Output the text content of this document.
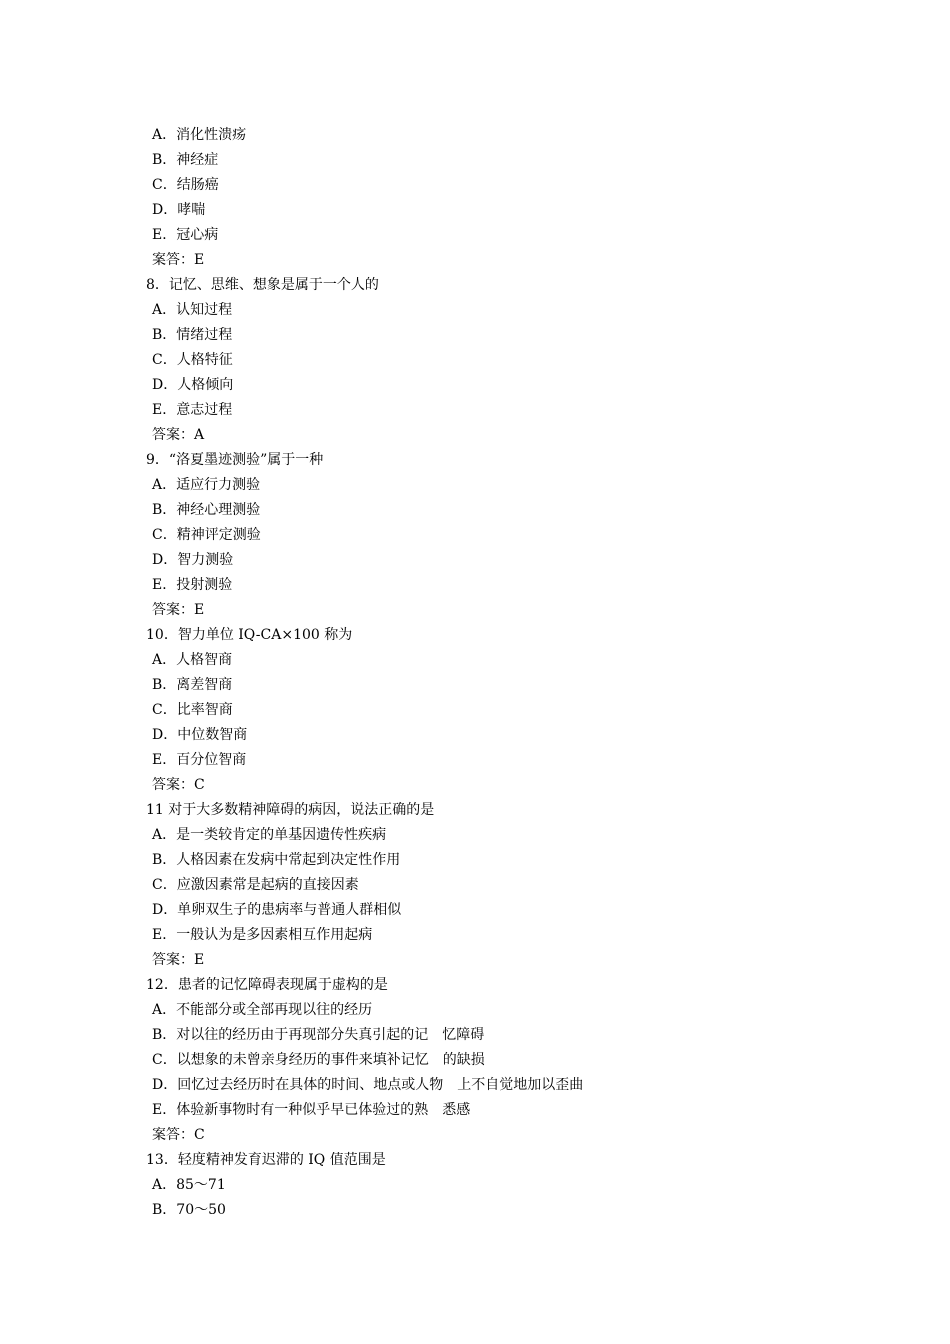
A．消化性溃疡
B．神经症
C．结肠癌
D．哮喘
E．冠心病
案答：E
8．记忆、思维、想象是属于一个人的
A．认知过程
B．情绪过程
C．人格特征
D．人格倾向
E．意志过程
答案：A
9．“洛夏墨迹测验”属于一种
A．适应行力测验
B．神经心理测验
C．精神评定测验
D．智力测验
E．投射测验
答案：E
10．智力单位 IQ-CA×100 称为
A．人格智商
B．离差智商
C．比率智商
D．中位数智商
E．百分位智商
答案：C
11 对于大多数精神障碍的病因，说法正确的是
A．是一类较肯定的单基因遗传性疾病
B．人格因素在发病中常起到决定性作用
C．应激因素常是起病的直接因素
D．单卵双生子的患病率与普通人群相似
E．一般认为是多因素相互作用起病
答案：E
12．患者的记忆障碍表现属于虚构的是
A．不能部分或全部再现以往的经历
B．对以往的经历由于再现部分失真引起的记　忆障碍
C．以想象的未曾亲身经历的事件来填补记忆　的缺损
D．回忆过去经历时在具体的时间、地点或人物　上不自觉地加以歪曲
E．体验新事物时有一种似乎早已体验过的熟　悉感
案答：C
13．轻度精神发育迟滞的 IQ 值范围是
A．85～71
B．70～50
